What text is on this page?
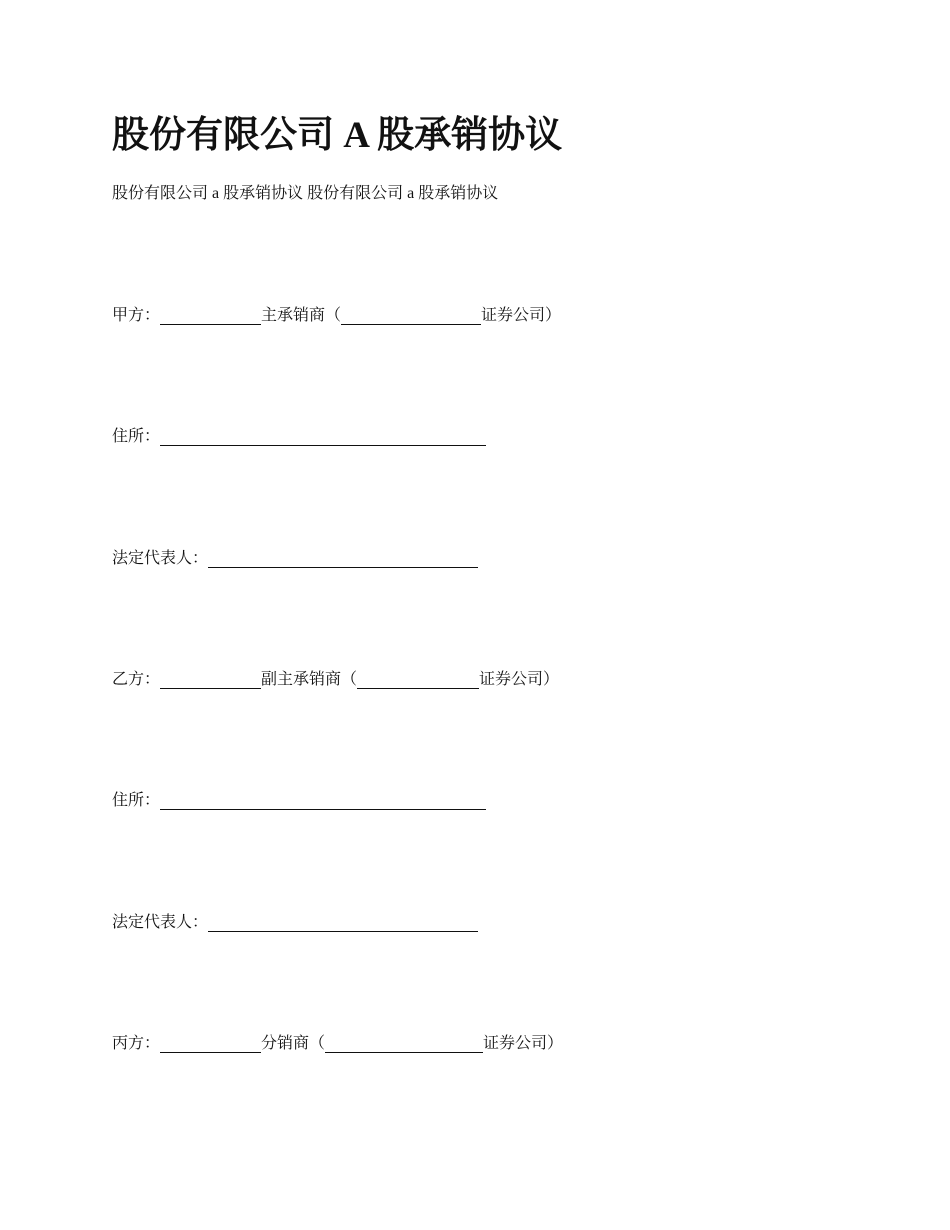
股份有限公司 A 股承销协议

股份有限公司 a 股承销协议 股份有限公司 a 股承销协议

甲方：	主承销商（	证券公司）

住所：

法定代表人：

乙方：	副主承销商（	证券公司）

住所：

法定代表人：

丙方：	分销商（	证券公司）
